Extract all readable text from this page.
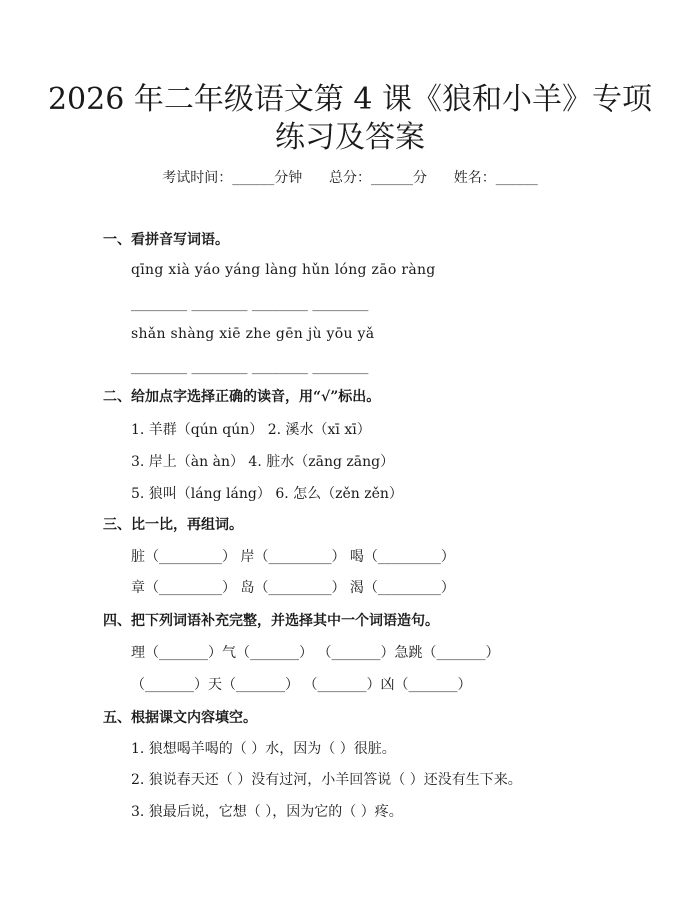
2026 年二年级语文第 4 课《狼和小羊》专项
练习及答案
考试时间：______分钟 总分：______分 姓名：______
一、看拼音写词语。
qīng xià yáo yáng làng hǔn lóng zāo ràng
________ ________ ________ ________
shǎn shàng xiē zhe gēn jù yōu yǎ
________ ________ ________ ________
二、给加点字选择正确的读音，用“√”标出。
1. 羊群（qún qún） 2. 溪水（xī xī）
3. 岸上（àn àn） 4. 脏水（zāng zāng）
5. 狼叫（láng láng） 6. 怎么（zěn zěn）
三、比一比，再组词。
脏（_________） 岸（_________） 喝（_________）
章（_________） 岛（_________） 渴（_________）
四、把下列词语补充完整，并选择其中一个词语造句。
理（_______）气（_______） （_______）急跳（_______）
（_______）天（_______） （_______）凶（_______）
五、根据课文内容填空。
1. 狼想喝羊喝的（ ）水，因为（ ）很脏。
2. 狼说春天还（ ）没有过河，小羊回答说（ ）还没有生下来。
3. 狼最后说，它想（ ），因为它的（ ）疼。
